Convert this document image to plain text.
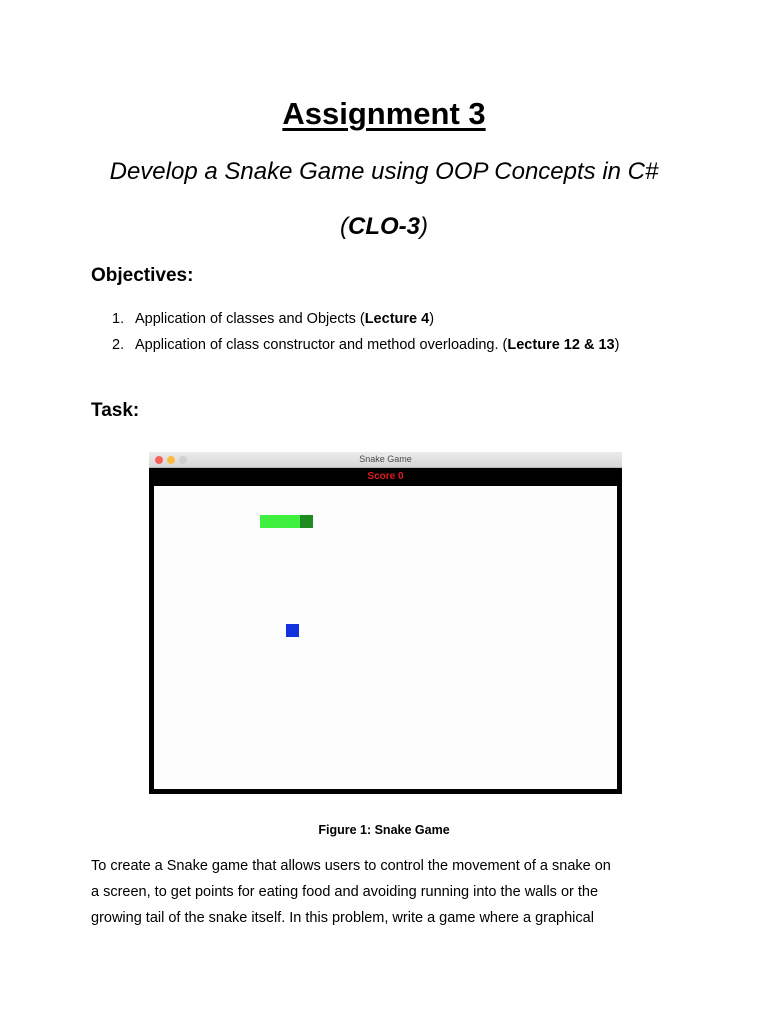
Assignment 3
Develop a Snake Game using OOP Concepts in C#
(CLO-3)
Objectives:
1. Application of classes and Objects (Lecture 4)
2. Application of class constructor and method overloading. (Lecture 12 & 13)
Task:
Snake Game
Score 0
Figure 1: Snake Game

To create a Snake game that allows users to control the movement of a snake on
a screen, to get points for eating food and avoiding running into the walls or the
growing tail of the snake itself. In this problem, write a game where a graphical
